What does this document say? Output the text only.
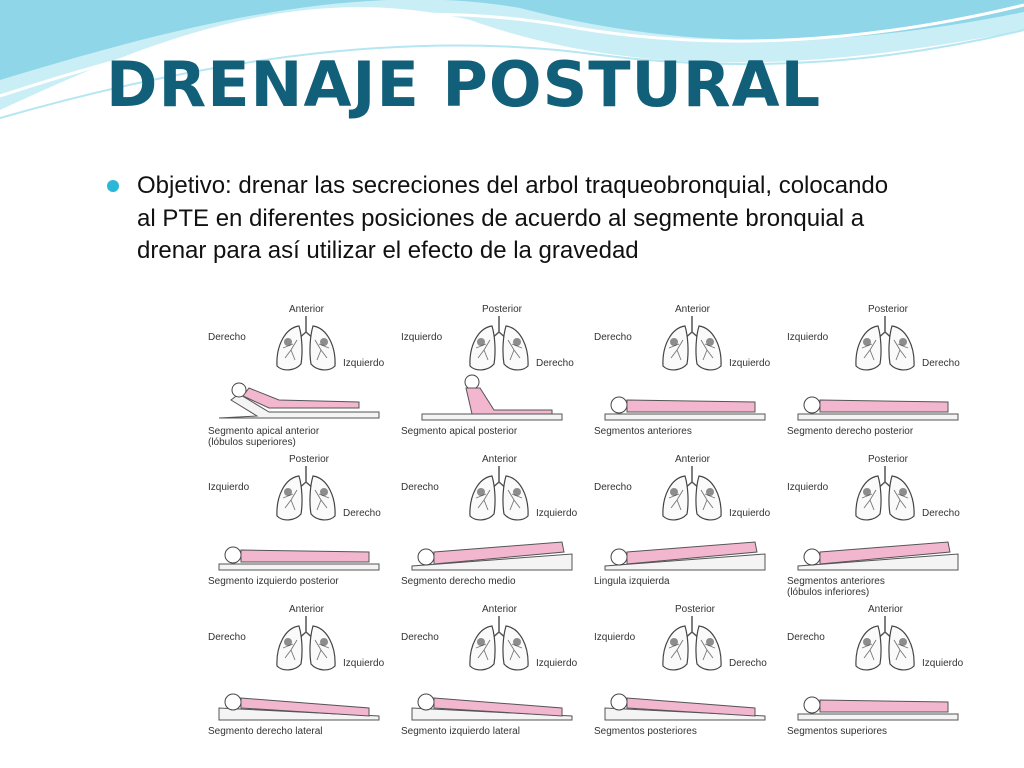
DRENAJE POSTURAL
Objetivo: drenar las secreciones del arbol traqueobronquial, colocando al PTE en diferentes posiciones de acuerdo al segmente bronquial a drenar para así utilizar el efecto de la gravedad
Anterior
Derecho
Izquierdo
Segmento apical anterior
(lóbulos superiores)
Posterior
Izquierdo
Derecho
Segmento apical posterior
Anterior
Derecho
Izquierdo
Segmentos anteriores
Posterior
Izquierdo
Derecho
Segmento derecho posterior
Posterior
Izquierdo
Derecho
Segmento izquierdo posterior
Anterior
Derecho
Izquierdo
Segmento derecho medio
Anterior
Derecho
Izquierdo
Lingula izquierda
Posterior
Izquierdo
Derecho
Segmentos anteriores
(lóbulos inferiores)
Anterior
Derecho
Izquierdo
Segmento derecho lateral
Anterior
Derecho
Izquierdo
Segmento izquierdo lateral
Posterior
Izquierdo
Derecho
Segmentos posteriores
Anterior
Derecho
Izquierdo
Segmentos superiores
